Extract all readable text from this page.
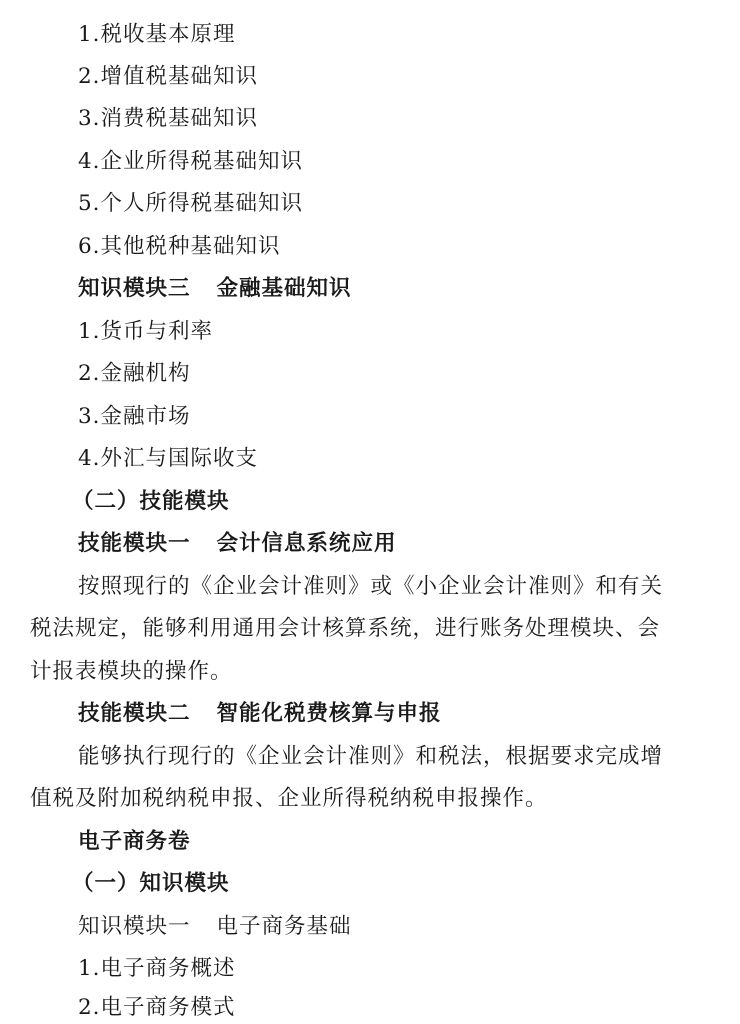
1.税收基本原理
2.增值税基础知识
3.消费税基础知识
4.企业所得税基础知识
5.个人所得税基础知识
6.其他税种基础知识
知识模块三 金融基础知识
1.货币与利率
2.金融机构
3.金融市场
4.外汇与国际收支
（二）技能模块
技能模块一 会计信息系统应用
按照现行的《企业会计准则》或《小企业会计准则》和有关
税法规定，能够利用通用会计核算系统，进行账务处理模块、会
计报表模块的操作。
技能模块二 智能化税费核算与申报
能够执行现行的《企业会计准则》和税法，根据要求完成增
值税及附加税纳税申报、企业所得税纳税申报操作。
电子商务卷
（一）知识模块
知识模块一 电子商务基础
1.电子商务概述
2.电子商务模式
